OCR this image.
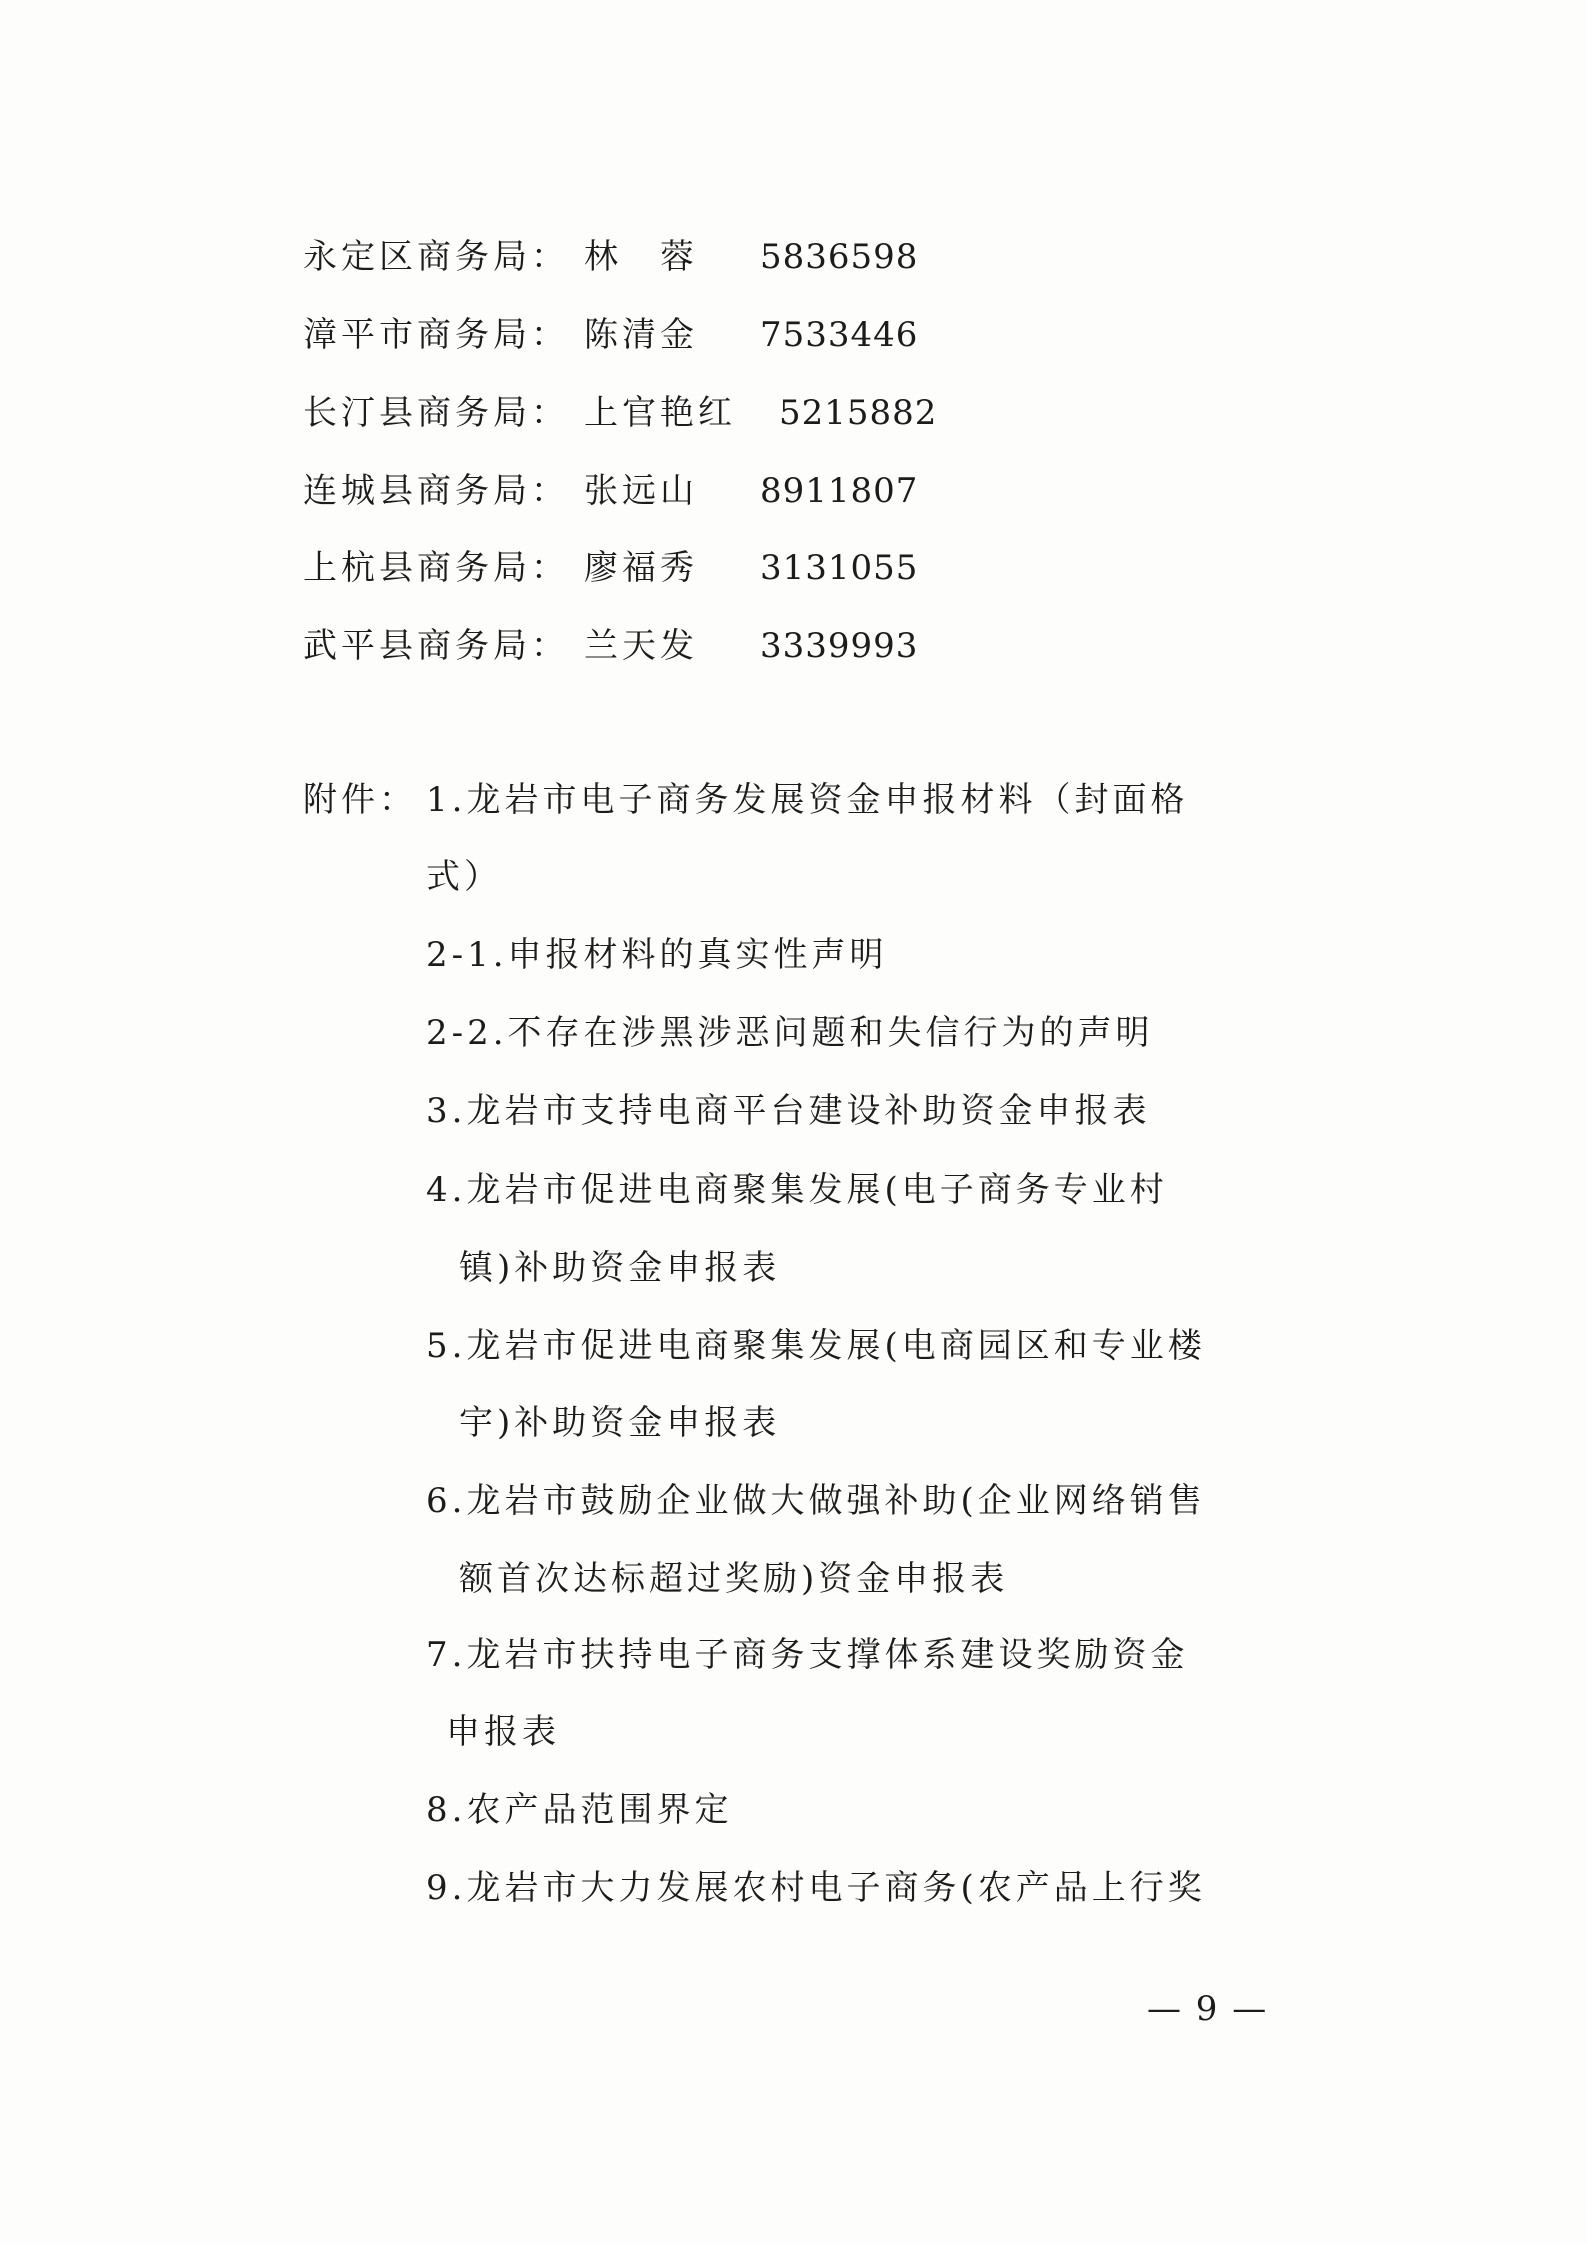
永定区商务局： 林　蓉 5836598
漳平市商务局： 陈清金 7533446
长汀县商务局： 上官艳红 5215882
连城县商务局： 张远山 8911807
上杭县商务局： 廖福秀 3131055
武平县商务局： 兰天发 3339993
附件： 1.龙岩市电子商务发展资金申报材料（封面格
式）
2-1.申报材料的真实性声明
2-2.不存在涉黑涉恶问题和失信行为的声明
3.龙岩市支持电商平台建设补助资金申报表
4.龙岩市促进电商聚集发展(电子商务专业村
镇)补助资金申报表
5.龙岩市促进电商聚集发展(电商园区和专业楼
宇)补助资金申报表
6.龙岩市鼓励企业做大做强补助(企业网络销售
额首次达标超过奖励)资金申报表
7.龙岩市扶持电子商务支撑体系建设奖励资金
申报表
8.农产品范围界定
9.龙岩市大力发展农村电子商务(农产品上行奖
— 9 —
